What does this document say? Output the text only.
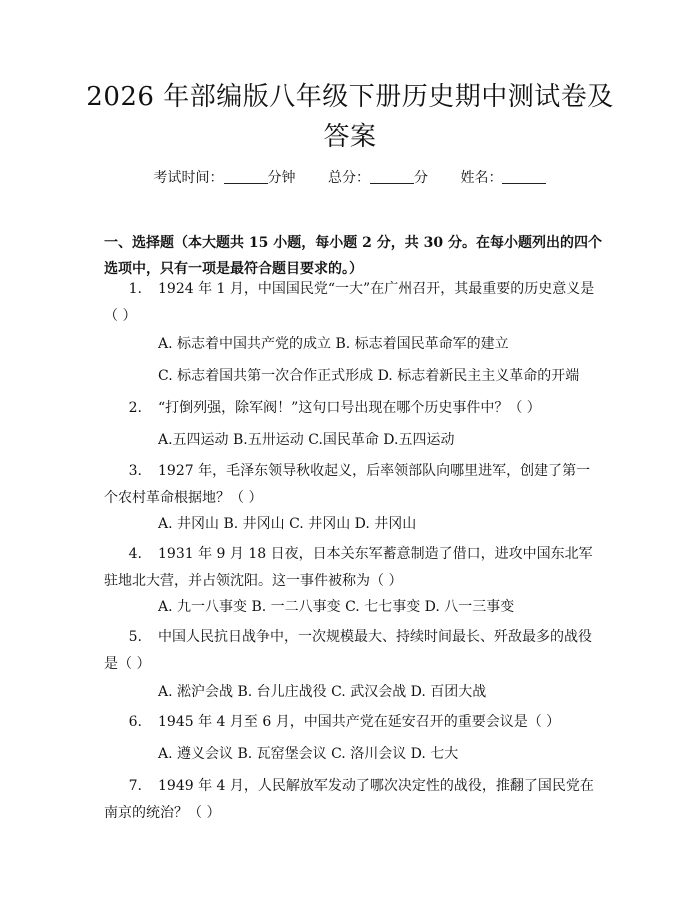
2026 年部编版八年级下册历史期中测试卷及
答案
考试时间：	分钟 总分：	分 姓名：
一、选择题（本大题共 15 小题，每小题 2 分，共 30 分。在每小题列出的四个选项中，只有一项是最符合题目要求的。）
1. 1924 年 1 月，中国国民党“一大”在广州召开，其最重要的历史意义是（ ）
A. 标志着中国共产党的成立 B. 标志着国民革命军的建立
C. 标志着国共第一次合作正式形成 D. 标志着新民主主义革命的开端
2. “打倒列强，除军阀！”这句口号出现在哪个历史事件中？（ ）
A.五四运动 B.五卅运动 C.国民革命 D.五四运动
3. 1927 年，毛泽东领导秋收起义，后率领部队向哪里进军，创建了第一个农村革命根据地？（ ）
A. 井冈山 B. 井冈山 C. 井冈山 D. 井冈山
4. 1931 年 9 月 18 日夜，日本关东军蓄意制造了借口，进攻中国东北军驻地北大营，并占领沈阳。这一事件被称为（ ）
A. 九一八事变 B. 一二八事变 C. 七七事变 D. 八一三事变
5. 中国人民抗日战争中，一次规模最大、持续时间最长、歼敌最多的战役是（ ）
A. 淞沪会战 B. 台儿庄战役 C. 武汉会战 D. 百团大战
6. 1945 年 4 月至 6 月，中国共产党在延安召开的重要会议是（ ）
A. 遵义会议 B. 瓦窑堡会议 C. 洛川会议 D. 七大
7. 1949 年 4 月，人民解放军发动了哪次决定性的战役，推翻了国民党在南京的统治？（ ）
